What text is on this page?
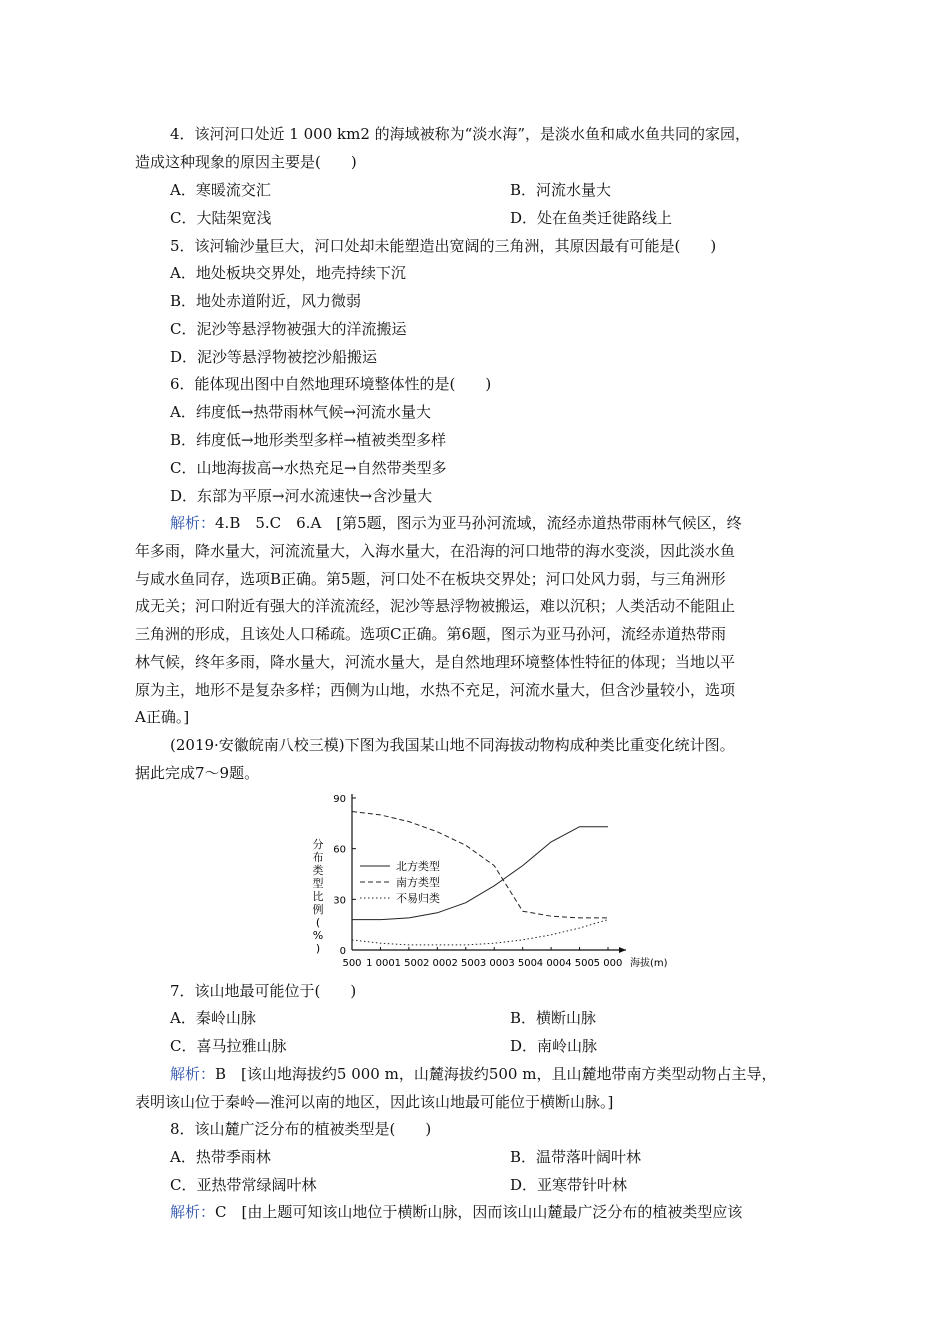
4．该河河口处近 1 000 km2 的海域被称为“淡水海”，是淡水鱼和咸水鱼共同的家园，
造成这种现象的原因主要是(　　)
A．寒暖流交汇	B．河流水量大
C．大陆架宽浅	D．处在鱼类迁徙路线上
5．该河输沙量巨大，河口处却未能塑造出宽阔的三角洲，其原因最有可能是(　　)
A．地处板块交界处，地壳持续下沉
B．地处赤道附近，风力微弱
C．泥沙等悬浮物被强大的洋流搬运
D．泥沙等悬浮物被挖沙船搬运
6．能体现出图中自然地理环境整体性的是(　　)
A．纬度低→热带雨林气候→河流水量大
B．纬度低→地形类型多样→植被类型多样
C．山地海拔高→水热充足→自然带类型多
D．东部为平原→河水流速快→含沙量大
解析：4.B　5.C　6.A　[第5题，图示为亚马孙河流域，流经赤道热带雨林气候区，终
年多雨，降水量大，河流流量大，入海水量大，在沿海的河口地带的海水变淡，因此淡水鱼
与咸水鱼同存，选项B正确。第5题，河口处不在板块交界处；河口处风力弱，与三角洲形
成无关；河口附近有强大的洋流流经，泥沙等悬浮物被搬运，难以沉积；人类活动不能阻止
三角洲的形成，且该处人口稀疏。选项C正确。第6题，图示为亚马孙河，流经赤道热带雨
林气候，终年多雨，降水量大，河流水量大，是自然地理环境整体性特征的体现；当地以平
原为主，地形不是复杂多样；西侧为山地，水热不充足，河流水量大，但含沙量较小，选项
A正确。]
(2019·安徽皖南八校三模)下图为我国某山地不同海拔动物构成种类比重变化统计图。
据此完成7～9题。
0
30
60
90
500 1 000 1 500 2 000 2 500 3 000 3 500 4 000 4 500 5 000 海拔(m)
分布类型比例( % )
北方类型
南方类型
不易归类
7．该山地最可能位于(　　)
A．秦岭山脉	B．横断山脉
C．喜马拉雅山脉	D．南岭山脉
解析：B　[该山地海拔约5 000 m，山麓海拔约500 m，且山麓地带南方类型动物占主导，
表明该山位于秦岭—淮河以南的地区，因此该山地最可能位于横断山脉。]
8．该山麓广泛分布的植被类型是(　　)
A．热带季雨林	B．温带落叶阔叶林
C．亚热带常绿阔叶林	D．亚寒带针叶林
解析：C　[由上题可知该山地位于横断山脉，因而该山山麓最广泛分布的植被类型应该
